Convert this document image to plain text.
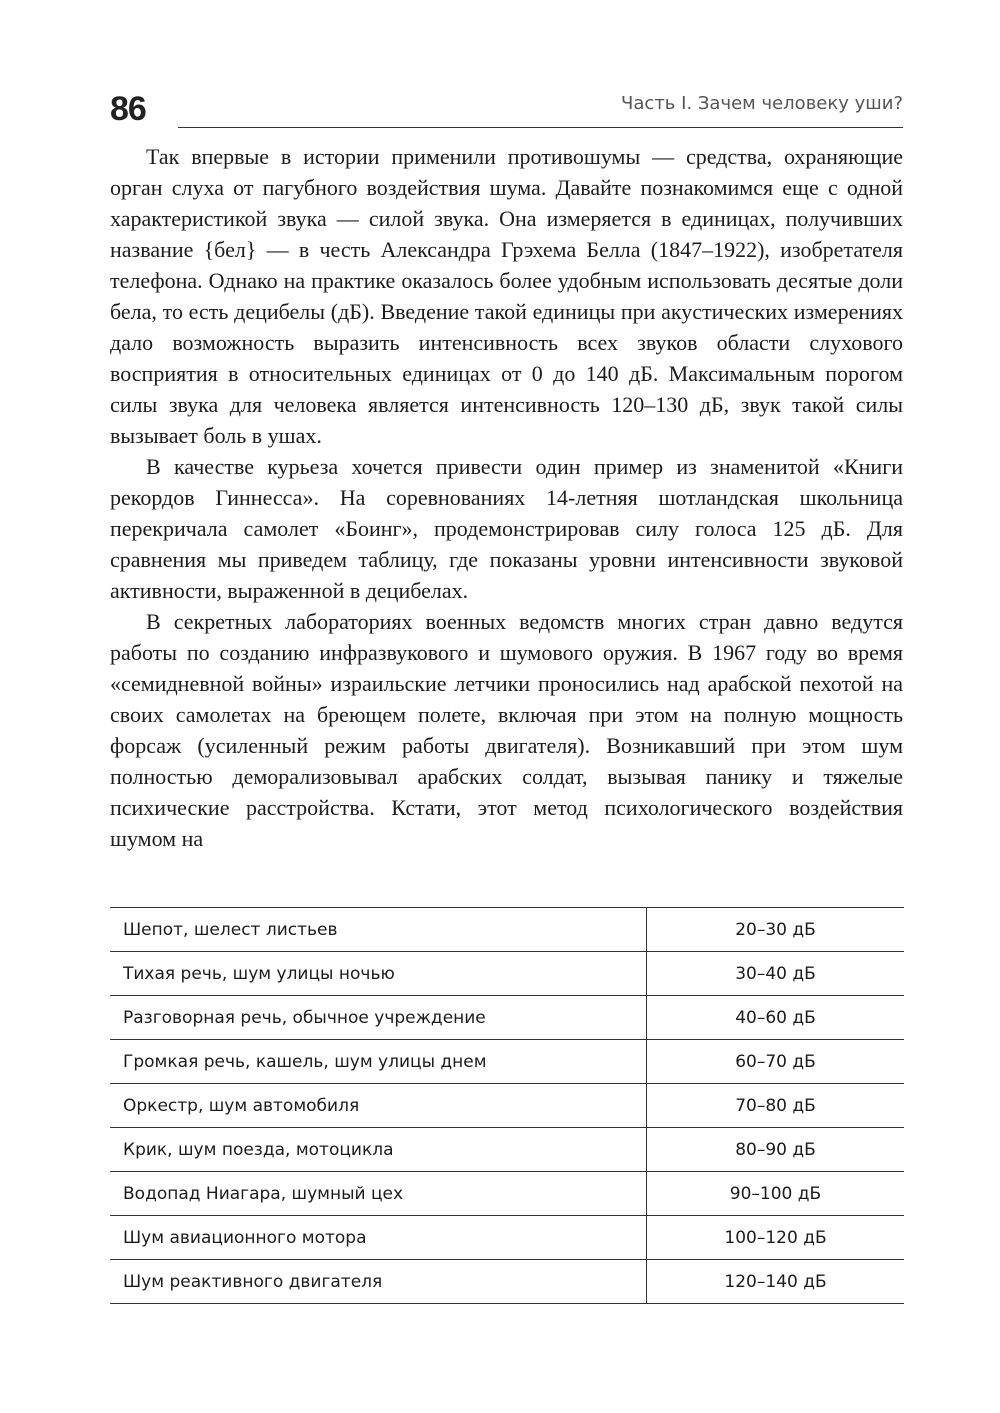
86	Часть I. Зачем человеку уши?

Так впервые в истории применили противошумы — средства, охраняющие орган слуха от пагубного воздействия шума. Давайте познакомимся еще с одной характеристикой звука — силой звука. Она измеряется в единицах, получивших название {бел} — в честь Александра Грэхема Белла (1847–1922), изобретателя телефона. Однако на практике оказалось более удобным использовать десятые доли бела, то есть децибелы (дБ). Введение такой единицы при акустических измерениях дало возможность выразить интенсивность всех звуков области слухового восприятия в относительных единицах от 0 до 140 дБ. Максимальным порогом силы звука для человека является интенсивность 120–130 дБ, звук такой силы вызывает боль в ушах.

В качестве курьеза хочется привести один пример из знаменитой «Книги рекордов Гиннесса». На соревнованиях 14-летняя шотландская школьница перекричала самолет «Боинг», продемонстрировав силу голоса 125 дБ. Для сравнения мы приведем таблицу, где показаны уровни интенсивности звуковой активности, выраженной в децибелах.

В секретных лабораториях военных ведомств многих стран давно ведутся работы по созданию инфразвукового и шумового оружия. В 1967 году во время «семидневной войны» израильские летчики проносились над арабской пехотой на своих самолетах на бреющем полете, включая при этом на полную мощность форсаж (усиленный режим работы двигателя). Возникавший при этом шум полностью деморализовывал арабских солдат, вызывая панику и тяжелые психические расстройства. Кстати, этот метод психологического воздействия шумом на

Шепот, шелест листьев	20–30 дБ
Тихая речь, шум улицы ночью	30–40 дБ
Разговорная речь, обычное учреждение	40–60 дБ
Громкая речь, кашель, шум улицы днем	60–70 дБ
Оркестр, шум автомобиля	70–80 дБ
Крик, шум поезда, мотоцикла	80–90 дБ
Водопад Ниагара, шумный цех	90–100 дБ
Шум авиационного мотора	100–120 дБ
Шум реактивного двигателя	120–140 дБ
